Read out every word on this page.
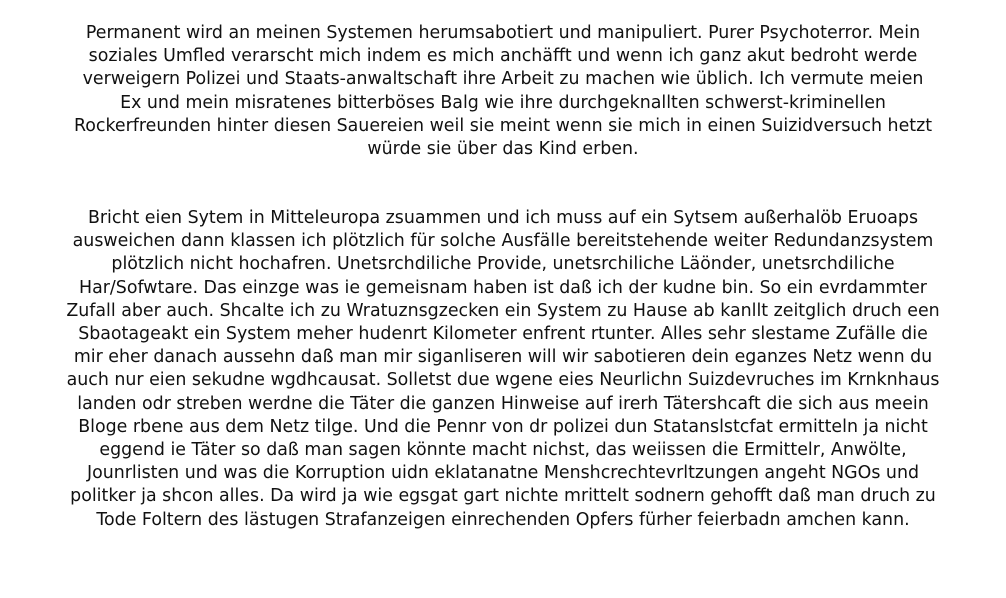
Permanent wird an meinen Systemen herumsabotiert und manipuliert. Purer Psychoterror. Mein
soziales Umfled verarscht mich indem es mich anchäfft und wenn ich ganz akut bedroht werde
verweigern Polizei und Staats-anwaltschaft ihre Arbeit zu machen wie üblich. Ich vermute meien
Ex und mein misratenes bitterböses Balg wie ihre durchgeknallten schwerst-kriminellen
Rockerfreunden hinter diesen Sauereien weil sie meint wenn sie mich in einen Suizidversuch hetzt
würde sie über das Kind erben.

Bricht eien Sytem in Mitteleuropa zsuammen und ich muss auf ein Sytsem außerhalöb Eruoaps
ausweichen dann klassen ich plötzlich für solche Ausfälle bereitstehende weiter Redundanzsystem
plötzlich nicht hochafren. Unetsrchdiliche Provide, unetsrchiliche Läönder, unetsrchdiliche
Har/Sofwtare. Das einzge was ie gemeisnam haben ist daß ich der kudne bin. So ein evrdammter
Zufall aber auch. Shcalte ich zu Wratuznsgzecken ein System zu Hause ab kanllt zeitglich druch een
Sbaotageakt ein System meher hudenrt Kilometer enfrent rtunter. Alles sehr slestame Zufälle die
mir eher danach aussehn daß man mir siganliseren will wir sabotieren dein eganzes Netz wenn du
auch nur eien sekudne wgdhcausat. Solletst due wgene eies Neurlichn Suizdevruches im Krnknhaus
landen odr streben werdne die Täter die ganzen Hinweise auf irerh Tätershcaft die sich aus meein
Bloge rbene aus dem Netz tilge. Und die Pennr von dr polizei dun Statanslstcfat ermitteln ja nicht
eggend ie Täter so daß man sagen könnte macht nichst, das weiissen die Ermittelr, Anwölte,
Jounrlisten und was die Korruption uidn eklatanatne Menshcrechtevrltzungen angeht NGOs und
politker ja shcon alles. Da wird ja wie egsgat gart nichte mrittelt sodnern gehofft daß man druch zu
Tode Foltern des lästugen Strafanzeigen einrechenden Opfers fürher feierbadn amchen kann.
